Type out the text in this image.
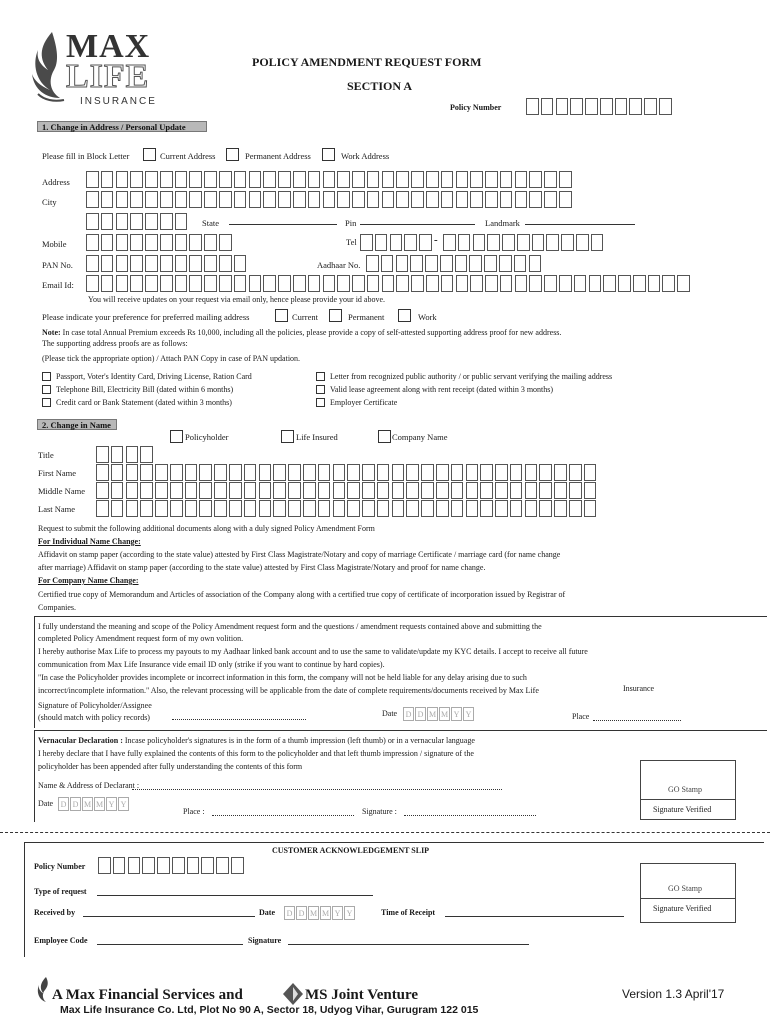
MAX
LIFE
INSURANCE
POLICY AMENDMENT REQUEST FORM
SECTION A
Policy Number
1. Change in Address / Personal Update
Please fill in Block Letter	Current Address	Permanent Address	Work Address
Address
City
State	Pin	Landmark
Mobile	Tel	-
PAN No.	Aadhaar No.
Email Id:
You will receive updates on your request via email only, hence please provide your id above.
Please indicate your preference for preferred mailing address	Current	Permanent	Work
Note: In case total Annual Premium exceeds Rs 10,000, including all the policies, please provide a copy of self-attested supporting address proof for new address.
The supporting address proofs are as follows:
(Please tick the appropriate option) / Attach PAN Copy in case of PAN updation.
Passport, Voter's Identity Card, Driving License, Ration Card
Telephone Bill, Electricity Bill (dated within 6 months)
Credit card or Bank Statement (dated within 3 months)
Letter from recognized public authority / or public servant verifying the mailing address
Valid lease agreement along with rent receipt (dated within 3 months)
Employer Certificate
2. Change in Name
Policyholder	Life Insured	Company Name
Title
First Name
Middle Name
Last Name
Request to submit the following additional documents along with a duly signed Policy Amendment Form
For Individual Name Change:
Affidavit on stamp paper (according to the state value) attested by First Class Magistrate/Notary and copy of marriage Certificate / marriage card (for name change
after marriage) Affidavit on stamp paper (according to the state value) attested by First Class Magistrate/Notary and proof for name change.
For Company Name Change:
Certified true copy of Memorandum and Articles of association of the Company along with a certified true copy of certificate of incorporation issued by Registrar of
Companies.
I fully understand the meaning and scope of the Policy Amendment request form and the questions / amendment requests contained above and submitting the
completed Policy Amendment request form of my own volition.
I hereby authorise Max Life to process my payouts to my Aadhaar linked bank account and to use the same to validate/update my KYC details. I accept to receive all future
communication from Max Life Insurance vide email ID only (strike if you want to continue by hard copies).
"In case the Policyholder provides incomplete or incorrect information in this form, the company will not be held liable for any delay arising due to such
incorrect/incomplete information." Also, the relevant processing will be applicable from the date of complete requirements/documents received by Max Life	Insurance
Signature of Policyholder/Assignee
(should match with policy records)	Date	D D M M Y Y	Place
Vernacular Declaration : Incase policyholder's signatures is in the form of a thumb impression (left thumb) or in a vernacular language
I hereby declare that I have fully explained the contents of this form to the policyholder and that left thumb impression / signature of the
policyholder has been appended after fully understanding the contents of this form
Name & Address of Declarant :
Date D D M M Y Y
Place :	Signature :
GO Stamp
Signature Verified
CUSTOMER ACKNOWLEDGEMENT SLIP
Policy Number
Type of request
Received by	Date	D D M M Y Y	Time of Receipt
Employee Code	Signature
GO Stamp
Signature Verified
A Max Financial Services and	MS Joint Venture	Version 1.3 April'17
Max Life Insurance Co. Ltd, Plot No 90 A, Sector 18, Udyog Vihar, Gurugram 122 015
